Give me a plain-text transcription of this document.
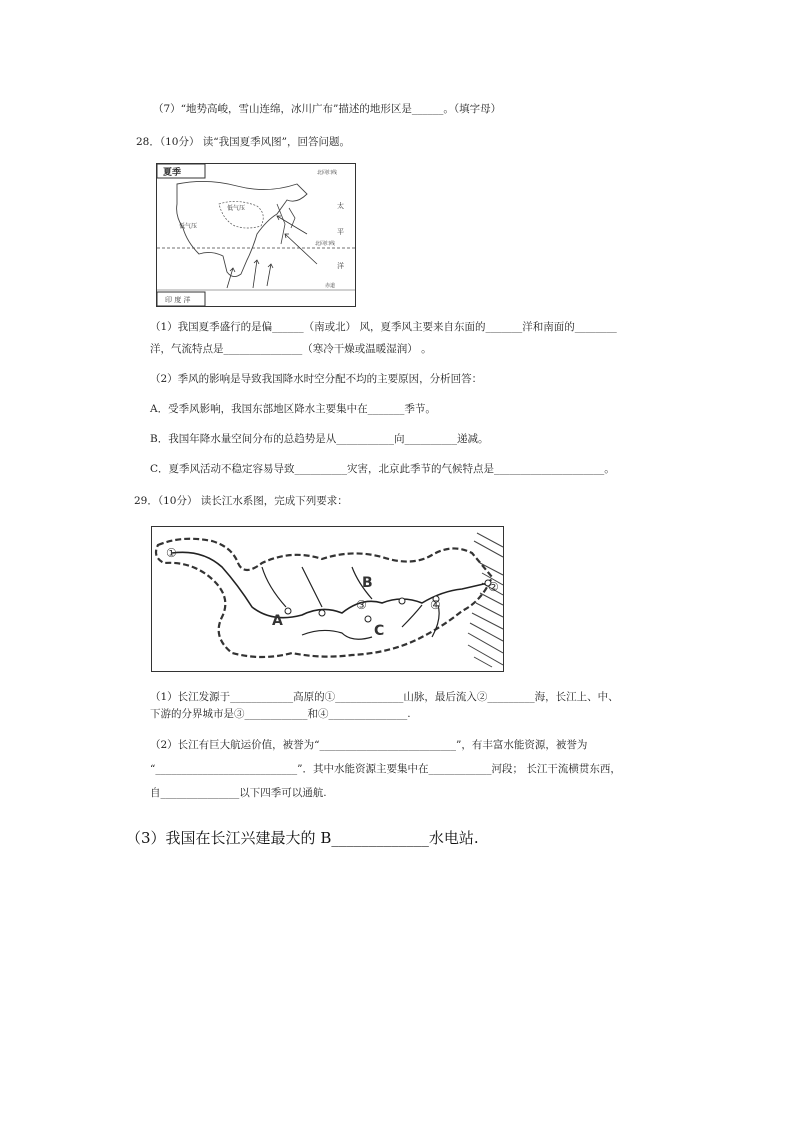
（7）“地势高峻，雪山连绵，冰川广布”描述的地形区是______。（填字母）
28．（10分） 读“我国夏季风图”，回答问题。
夏季	北回归线
北回归线
赤道
印 度 洋
低气压
低气压
太
平
洋
（1）我国夏季盛行的是偏______（南或北） 风，夏季风主要来自东面的_______洋和南面的________
洋，气流特点是_______________（寒冷干燥或温暖湿润） 。
（2）季风的影响是导致我国降水时空分配不均的主要原因，分析回答：
A．受季风影响，我国东部地区降水主要集中在_______季节。
B．我国年降水量空间分布的总趋势是从___________向__________递减。
C．夏季风活动不稳定容易导致__________灾害，北京此季节的气候特点是_____________________。
29．（10分） 读长江水系图，完成下列要求：
①
②
③	④
A
B
C
（1）长江发源于____________高原的①_____________山脉，最后流入②_________海，长江上、中、
下游的分界城市是③____________和④_______________.
（2）长江有巨大航运价值，被誉为“__________________________”，有丰富水能资源，被誉为
“___________________________”．其中水能资源主要集中在____________河段； 长江干流横贯东西，
自_______________以下四季可以通航.
（3）我国在长江兴建最大的 B_____________水电站.
